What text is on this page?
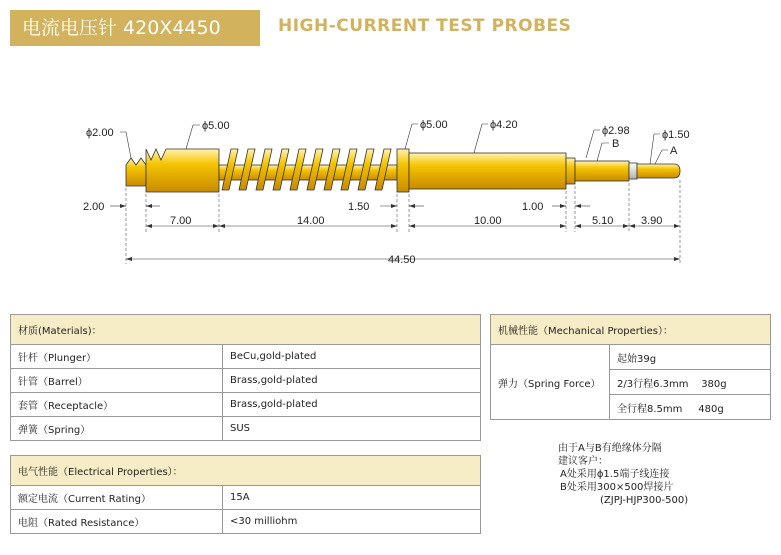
电流电压针 420X4450	HIGH-CURRENT TEST PROBES
ϕ2.00
ϕ5.00	ϕ5.00	ϕ4.20	ϕ2.98
B
ϕ1.50
A
2.00
7.00	14.00
1.50
10.00
1.00
5.10	3.90
44.50
材质(Materials)：	
针杆（Plunger）	BeCu,gold-plated
针管（Barrel）	Brass,gold-plated
套管（Receptacle）	Brass,gold-plated
弹簧（Spring）	SUS
电气性能（Electrical Properties）：	
额定电流（Current Rating）	15A
电阻（Rated Resistance）	<30 milliohm
机械性能（Mechanical Properties）：
弹力（Spring Force）	起始39g
2/3行程6.3mm    380g
全行程8.5mm     480g
由于A与B有绝缘体分隔
建议客户：
A处采用ϕ1.5端子线连接
B处采用300×500焊接片
(ZJPJ-HJP300-500)
